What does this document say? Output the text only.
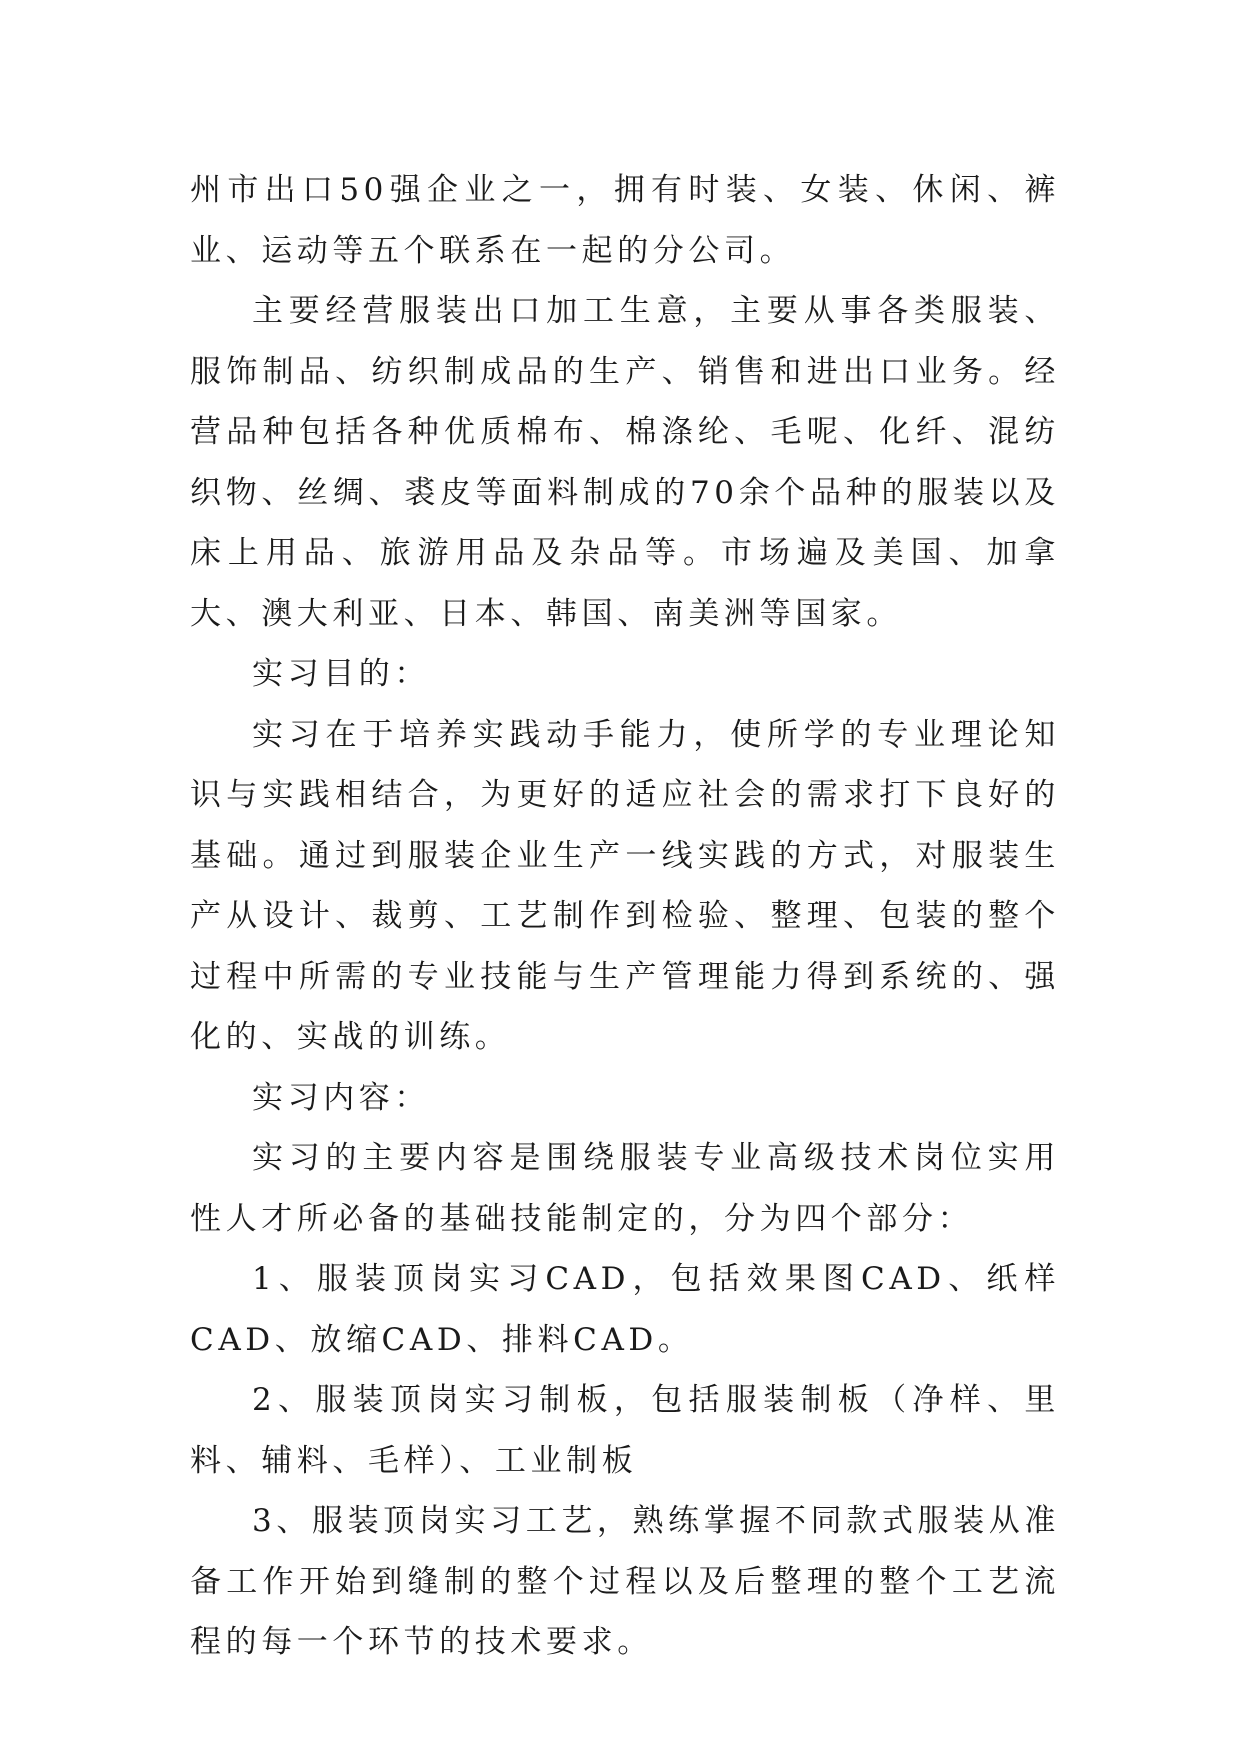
州市出口50强企业之一，拥有时装、女装、休闲、裤业、运动等五个联系在一起的分公司。

主要经营服装出口加工生意，主要从事各类服装、服饰制品、纺织制成品的生产、销售和进出口业务。经营品种包括各种优质棉布、棉涤纶、毛呢、化纤、混纺织物、丝绸、裘皮等面料制成的70余个品种的服装以及床上用品、旅游用品及杂品等。市场遍及美国、加拿大、澳大利亚、日本、韩国、南美洲等国家。

实习目的：

实习在于培养实践动手能力，使所学的专业理论知识与实践相结合，为更好的适应社会的需求打下良好的基础。通过到服装企业生产一线实践的方式，对服装生产从设计、裁剪、工艺制作到检验、整理、包装的整个过程中所需的专业技能与生产管理能力得到系统的、强化的、实战的训练。

实习内容：

实习的主要内容是围绕服装专业高级技术岗位实用性人才所必备的基础技能制定的，分为四个部分：

1、服装顶岗实习CAD，包括效果图CAD、纸样CAD、放缩CAD、排料CAD。

2、服装顶岗实习制板，包括服装制板（净样、里料、辅料、毛样）、工业制板

3、服装顶岗实习工艺，熟练掌握不同款式服装从准备工作开始到缝制的整个过程以及后整理的整个工艺流程的每一个环节的技术要求。
